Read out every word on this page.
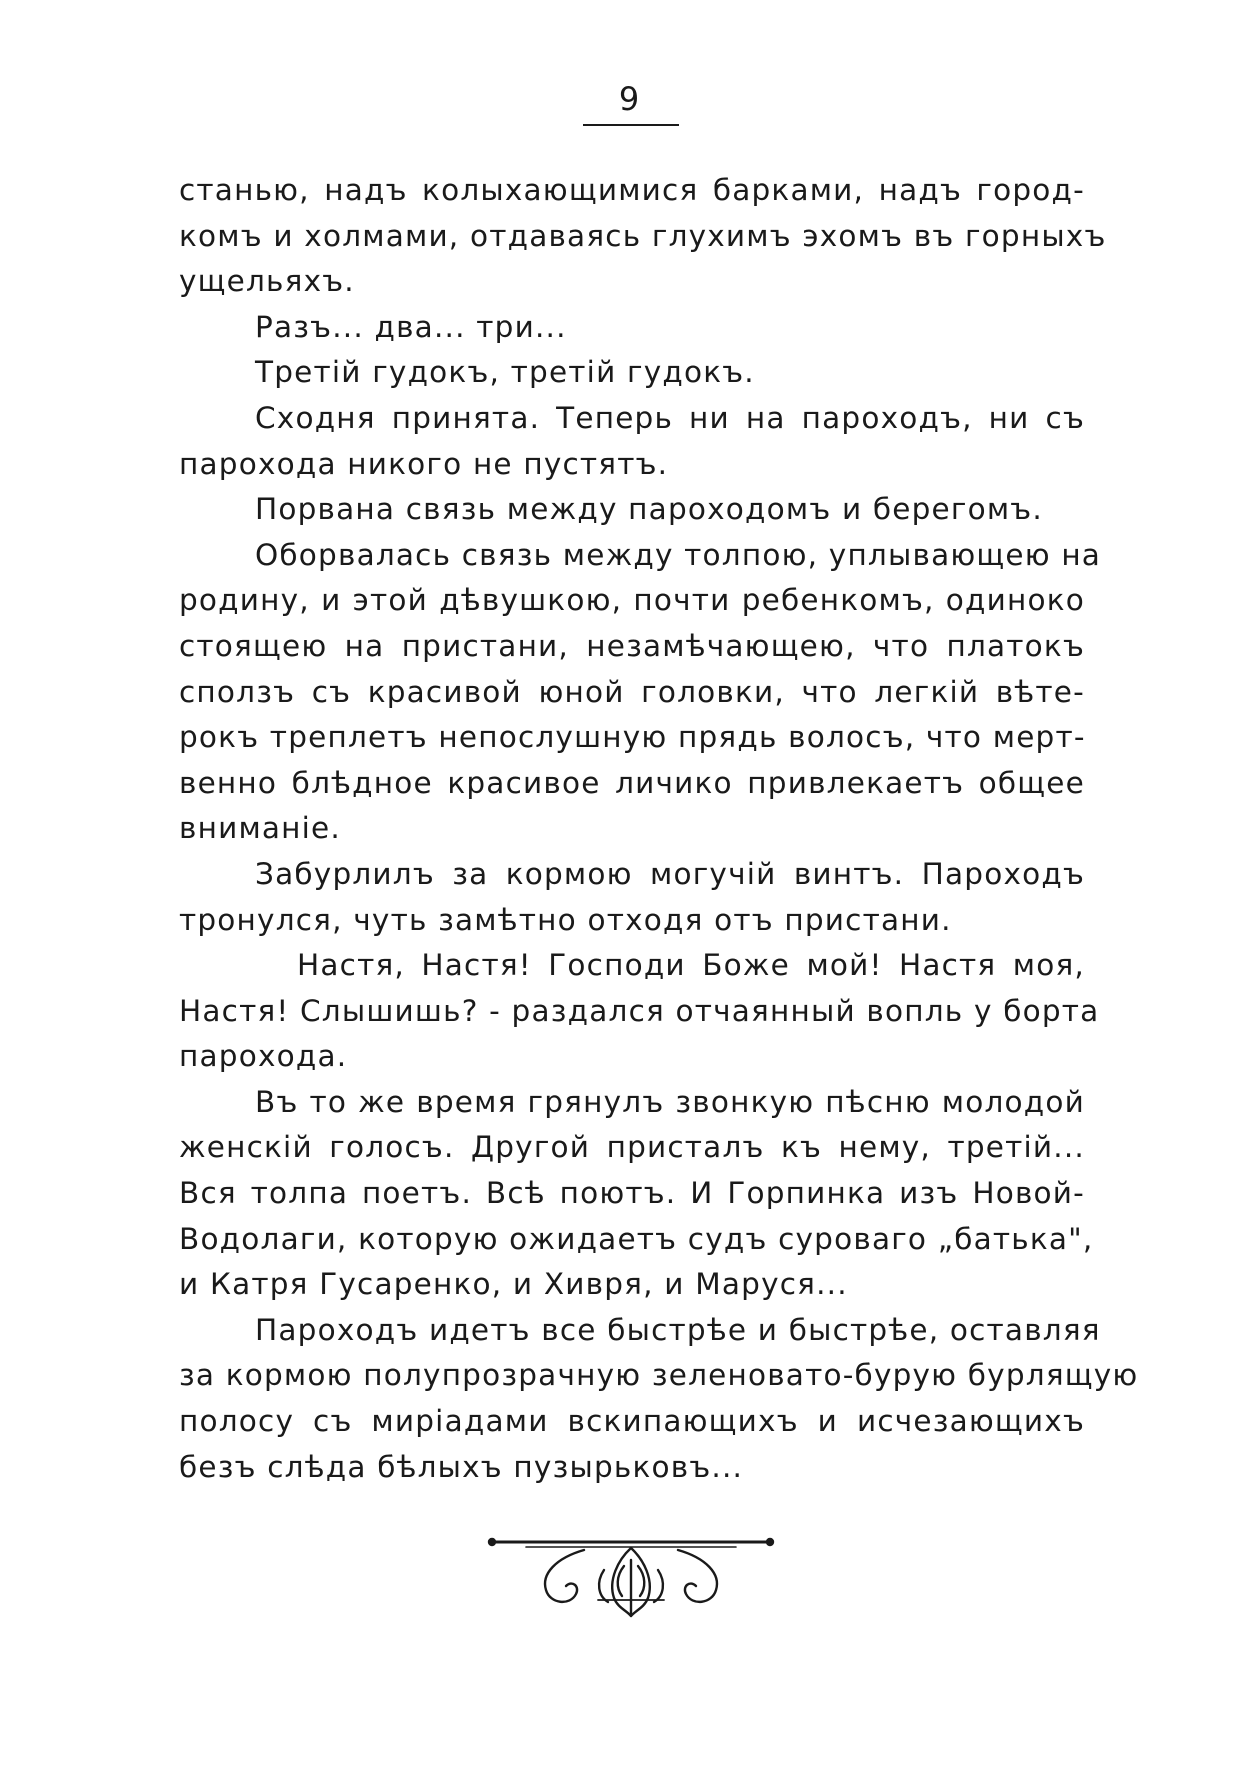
9
станью, надъ колыхающимися барками, надъ город-
комъ и холмами, отдаваясь глухимъ эхомъ въ горныхъ
ущельяхъ.
Разъ... два... три...
Третій гудокъ, третій гудокъ.
Сходня принята. Теперь ни на пароходъ, ни съ
парохода никого не пустятъ.
Порвана связь между пароходомъ и берегомъ.
Оборвалась связь между толпою, уплывающею на
родину, и этой дѣвушкою, почти ребенкомъ, одиноко
стоящею на пристани, незамѣчающею, что платокъ
сползъ съ красивой юной головки, что легкій вѣте-
рокъ треплетъ непослушную прядь волосъ, что мерт-
венно блѣдное красивое личико привлекаетъ общее
вниманіе.
Забурлилъ за кормою могучій винтъ. Пароходъ
тронулся, чуть замѣтно отходя отъ пристани.
Настя, Настя! Господи Боже мой! Настя моя,
Настя! Слышишь? - раздался отчаянный вопль у борта
парохода.
Въ то же время грянулъ звонкую пѣсню молодой
женскій голосъ. Другой присталъ къ нему, третій...
Вся толпа поетъ. Всѣ поютъ. И Горпинка изъ Новой-
Водолаги, которую ожидаетъ судъ суроваго „батька",
и Катря Гусаренко, и Хивря, и Маруся...
Пароходъ идетъ все быстрѣе и быстрѣе, оставляя
за кормою полупрозрачную зеленовато-бурую бурлящую
полосу съ миріадами вскипающихъ и исчезающихъ
безъ слѣда бѣлыхъ пузырьковъ...
